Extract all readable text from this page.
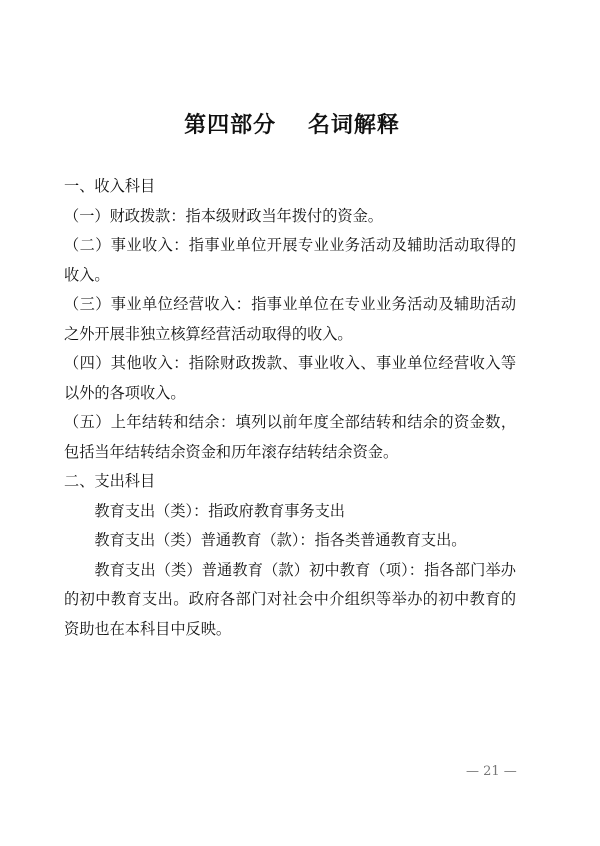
第四部分　 名词解释

一、收入科目

（一）财政拨款：指本级财政当年拨付的资金。

（二）事业收入：指事业单位开展专业业务活动及辅助活动取得的收入。

（三）事业单位经营收入：指事业单位在专业业务活动及辅助活动之外开展非独立核算经营活动取得的收入。

（四）其他收入：指除财政拨款、事业收入、事业单位经营收入等以外的各项收入。

（五）上年结转和结余：填列以前年度全部结转和结余的资金数，包括当年结转结余资金和历年滚存结转结余资金。

二、支出科目

教育支出（类）：指政府教育事务支出

教育支出（类）普通教育（款）：指各类普通教育支出。

教育支出（类）普通教育（款）初中教育（项）：指各部门举办的初中教育支出。政府各部门对社会中介组织等举办的初中教育的资助也在本科目中反映。

— 21 —
